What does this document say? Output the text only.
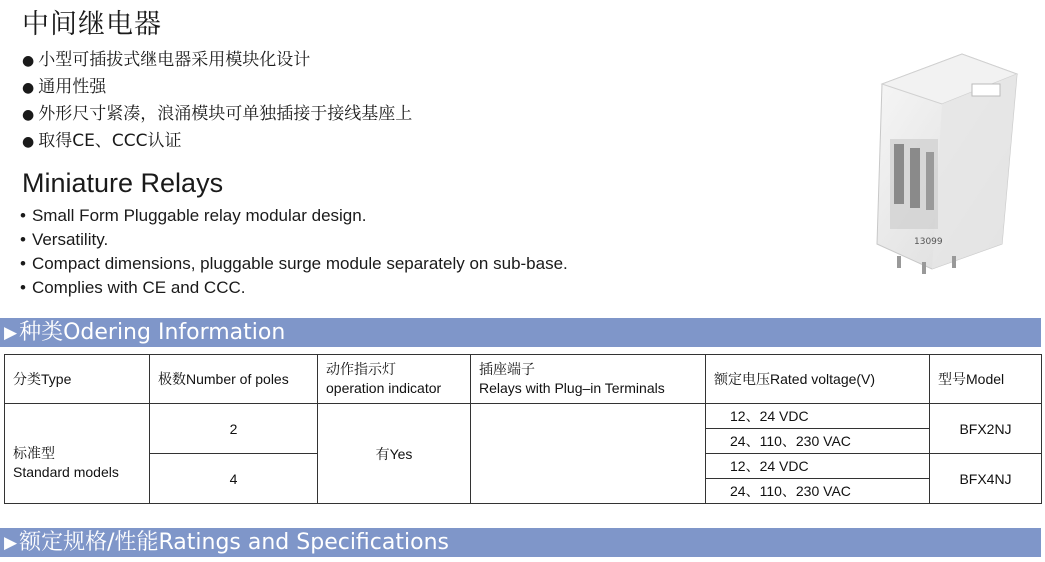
中间继电器
● 小型可插拔式继电器采用模块化设计
● 通用性强
● 外形尺寸紧凑，浪涌模块可单独插接于接线基座上
● 取得CE、CCC认证
Miniature Relays
• Small Form Pluggable relay modular design.
• Versatility.
• Compact dimensions, pluggable surge module separately on sub-base.
• Complies with CE and CCC.
13099
▶种类Odering Information
分类Type	极数Number of poles	动作指示灯
operation indicator	插座端子
Relays with Plug–in Terminals	额定电压Rated voltage(V)	型号Model
标准型
Standard models	2	有Yes		12、24 VDC	BFX2NJ
				24、110、230 VAC	
	4			12、24 VDC	BFX4NJ
				24、110、230 VAC	
▶额定规格/性能Ratings and Specifications
